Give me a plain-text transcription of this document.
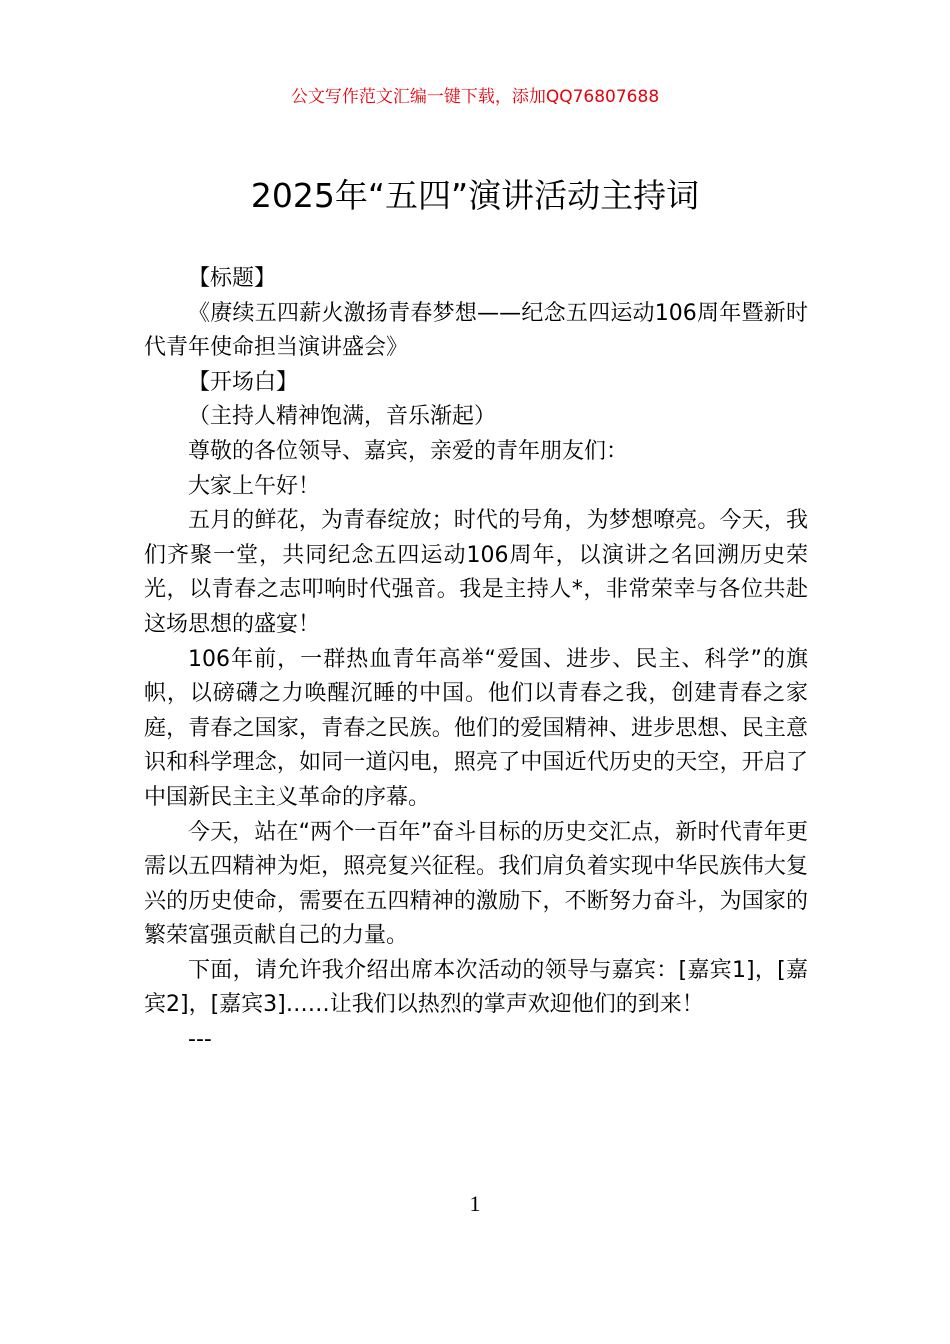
公文写作范文汇编一键下载，添加QQ76807688
2025年“五四”演讲活动主持词

【标题】

《赓续五四薪火激扬青春梦想——纪念五四运动106周年暨新时代青年使命担当演讲盛会》

【开场白】

（主持人精神饱满，音乐渐起）

尊敬的各位领导、嘉宾，亲爱的青年朋友们：

大家上午好！

五月的鲜花，为青春绽放；时代的号角，为梦想嘹亮。今天，我们齐聚一堂，共同纪念五四运动106周年，以演讲之名回溯历史荣光，以青春之志叩响时代强音。我是主持人*，非常荣幸与各位共赴这场思想的盛宴！

106年前，一群热血青年高举“爱国、进步、民主、科学”的旗帜，以磅礴之力唤醒沉睡的中国。他们以青春之我，创建青春之家庭，青春之国家，青春之民族。他们的爱国精神、进步思想、民主意识和科学理念，如同一道闪电，照亮了中国近代历史的天空，开启了中国新民主主义革命的序幕。

今天，站在“两个一百年”奋斗目标的历史交汇点，新时代青年更需以五四精神为炬，照亮复兴征程。我们肩负着实现中华民族伟大复兴的历史使命，需要在五四精神的激励下，不断努力奋斗，为国家的繁荣富强贡献自己的力量。

下面，请允许我介绍出席本次活动的领导与嘉宾：[嘉宾1]，[嘉宾2]，[嘉宾3]……让我们以热烈的掌声欢迎他们的到来！

---

1
